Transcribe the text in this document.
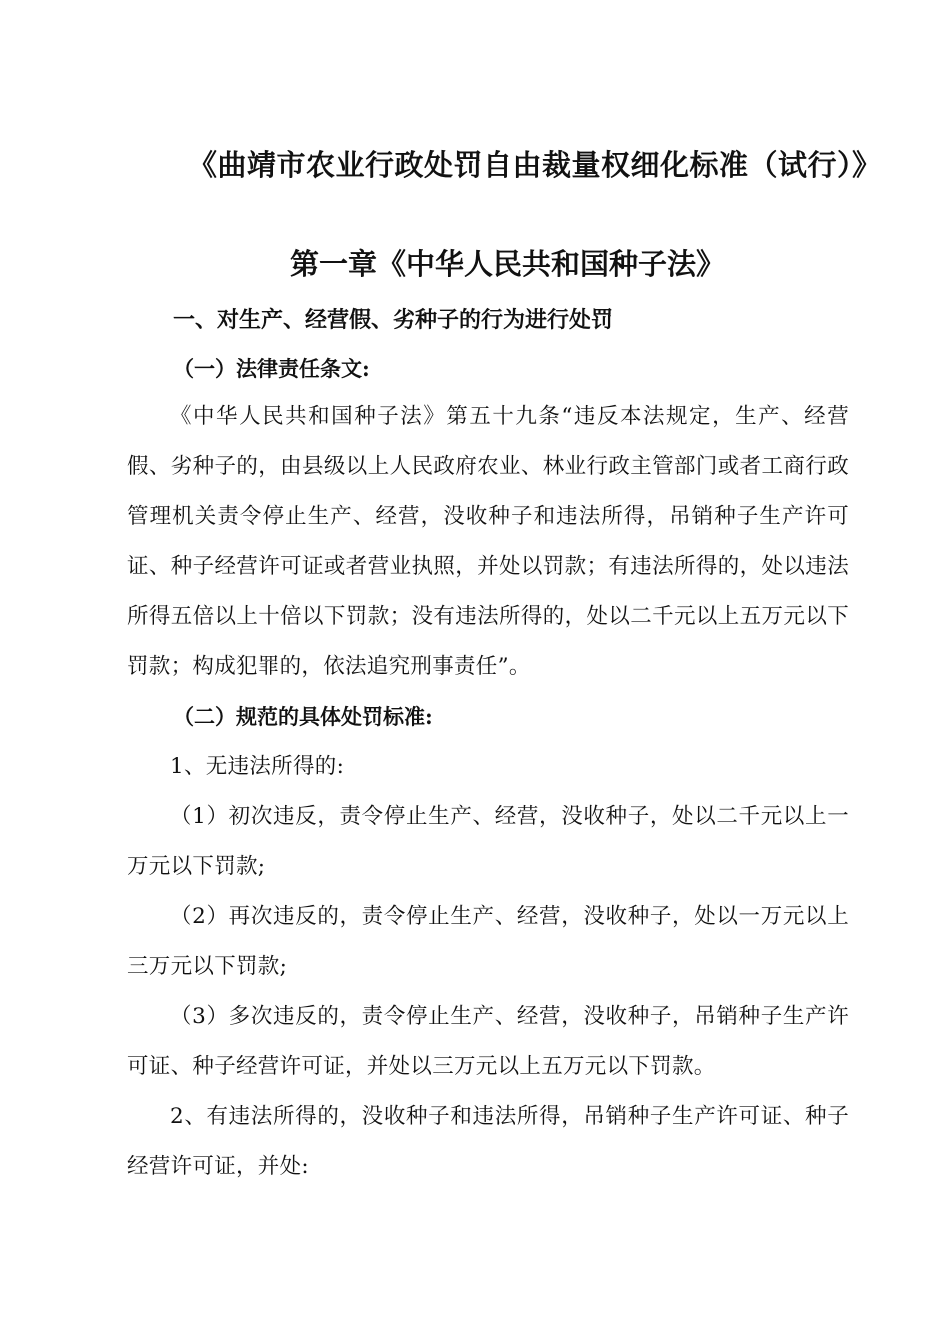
《曲靖市农业行政处罚自由裁量权细化标准（试行）》
第一章《中华人民共和国种子法》
一、对生产、经营假、劣种子的行为进行处罚
（一）法律责任条文:

《中华人民共和国种子法》第五十九条“违反本法规定，生产、经营假、劣种子的，由县级以上人民政府农业、林业行政主管部门或者工商行政管理机关责令停止生产、经营，没收种子和违法所得，吊销种子生产许可证、种子经营许可证或者营业执照，并处以罚款；有违法所得的，处以违法所得五倍以上十倍以下罚款；没有违法所得的，处以二千元以上五万元以下罚款；构成犯罪的，依法追究刑事责任”。

（二）规范的具体处罚标准:

1、无违法所得的:

（1）初次违反，责令停止生产、经营，没收种子，处以二千元以上一万元以下罚款;

（2）再次违反的，责令停止生产、经营，没收种子，处以一万元以上三万元以下罚款;

（3）多次违反的，责令停止生产、经营，没收种子，吊销种子生产许可证、种子经营许可证，并处以三万元以上五万元以下罚款。

2、有违法所得的，没收种子和违法所得，吊销种子生产许可证、种子经营许可证，并处:
